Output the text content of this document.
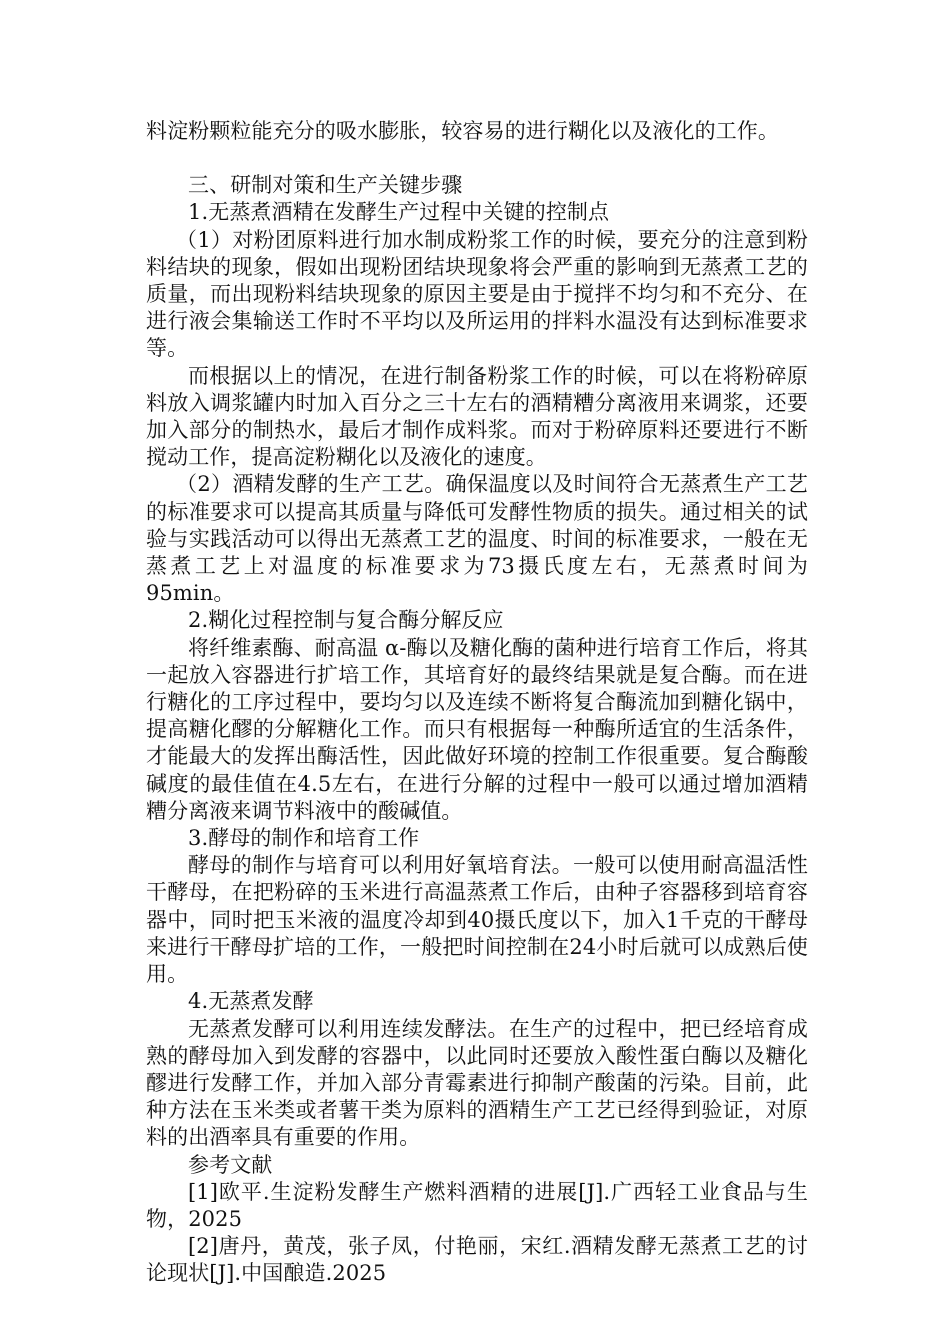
料淀粉颗粒能充分的吸水膨胀，较容易的进行糊化以及液化的工作。

三、研制对策和生产关键步骤

1.无蒸煮酒精在发酵生产过程中关键的控制点

（1）对粉团原料进行加水制成粉浆工作的时候，要充分的注意到粉料结块的现象，假如出现粉团结块现象将会严重的影响到无蒸煮工艺的质量，而出现粉料结块现象的原因主要是由于搅拌不均匀和不充分、在进行液会集输送工作时不平均以及所运用的拌料水温没有达到标准要求等。

而根据以上的情况，在进行制备粉浆工作的时候，可以在将粉碎原料放入调浆罐内时加入百分之三十左右的酒精糟分离液用来调浆，还要加入部分的制热水，最后才制作成料浆。而对于粉碎原料还要进行不断搅动工作，提高淀粉糊化以及液化的速度。

（2）酒精发酵的生产工艺。确保温度以及时间符合无蒸煮生产工艺的标准要求可以提高其质量与降低可发酵性物质的损失。通过相关的试验与实践活动可以得出无蒸煮工艺的温度、时间的标准要求，一般在无蒸煮工艺上对温度的标准要求为73摄氏度左右，无蒸煮时间为95min。

2.糊化过程控制与复合酶分解反应

将纤维素酶、耐高温 α-酶以及糖化酶的菌种进行培育工作后，将其一起放入容器进行扩培工作，其培育好的最终结果就是复合酶。而在进行糖化的工序过程中，要均匀以及连续不断将复合酶流加到糖化锅中，提高糖化醪的分解糖化工作。而只有根据每一种酶所适宜的生活条件，才能最大的发挥出酶活性，因此做好环境的控制工作很重要。复合酶酸碱度的最佳值在4.5左右，在进行分解的过程中一般可以通过增加酒精糟分离液来调节料液中的酸碱值。

3.酵母的制作和培育工作

酵母的制作与培育可以利用好氧培育法。一般可以使用耐高温活性干酵母，在把粉碎的玉米进行高温蒸煮工作后，由种子容器移到培育容器中，同时把玉米液的温度冷却到40摄氏度以下，加入1千克的干酵母来进行干酵母扩培的工作，一般把时间控制在24小时后就可以成熟后使用。

4.无蒸煮发酵

无蒸煮发酵可以利用连续发酵法。在生产的过程中，把已经培育成熟的酵母加入到发酵的容器中，以此同时还要放入酸性蛋白酶以及糖化醪进行发酵工作，并加入部分青霉素进行抑制产酸菌的污染。目前，此种方法在玉米类或者薯干类为原料的酒精生产工艺已经得到验证，对原料的出酒率具有重要的作用。

参考文献

[1]欧平.生淀粉发酵生产燃料酒精的进展[J].广西轻工业食品与生物，2025

[2]唐丹，黄茂，张子凤，付艳丽，宋红.酒精发酵无蒸煮工艺的讨论现状[J].中国酿造.2025
